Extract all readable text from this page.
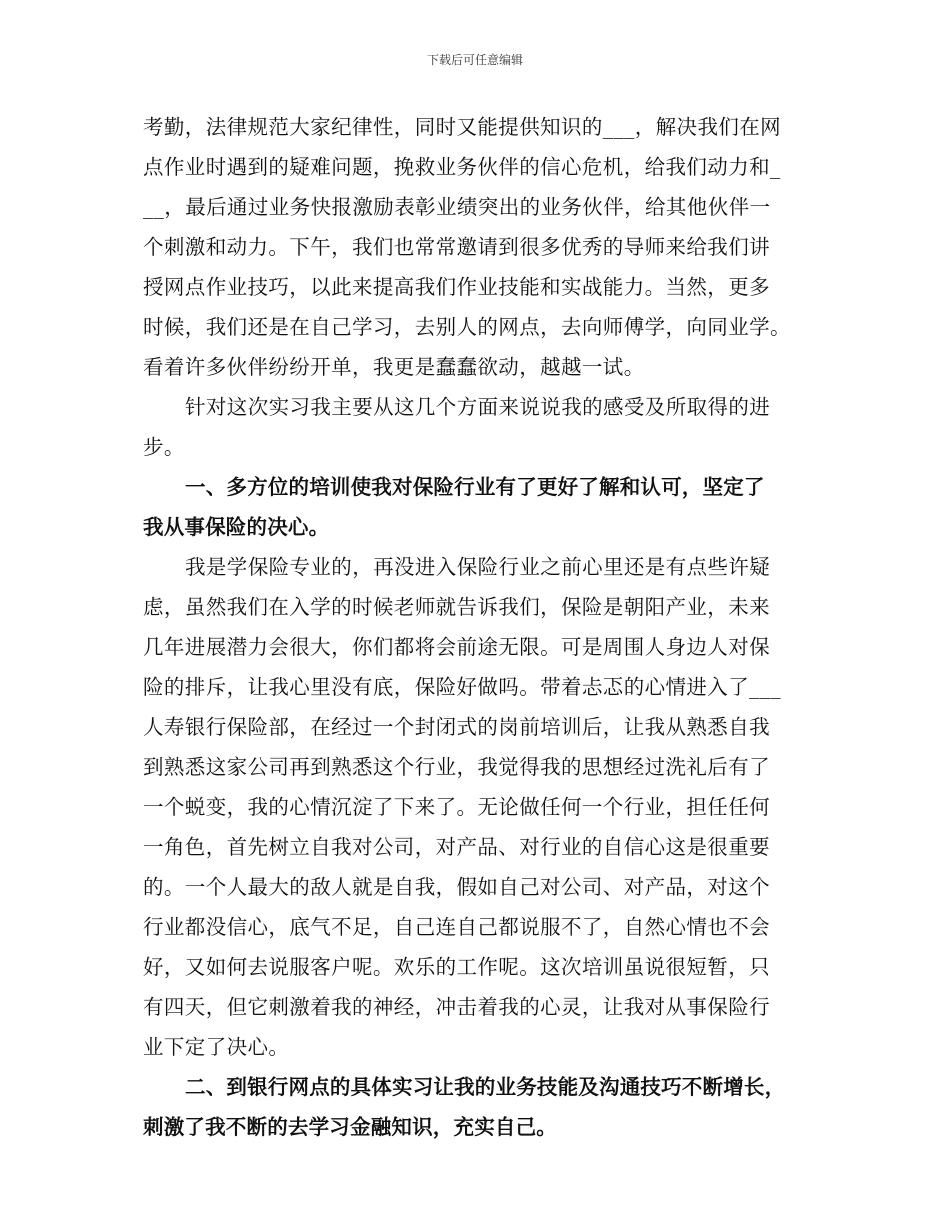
下载后可任意编辑
考勤，法律规范大家纪律性，同时又能提供知识的___，解决我们在网
点作业时遇到的疑难问题，挽救业务伙伴的信心危机，给我们动力和_
__，最后通过业务快报激励表彰业绩突出的业务伙伴，给其他伙伴一
个刺激和动力。下午，我们也常常邀请到很多优秀的导师来给我们讲
授网点作业技巧，以此来提高我们作业技能和实战能力。当然，更多
时候，我们还是在自己学习，去别人的网点，去向师傅学，向同业学。
看着许多伙伴纷纷开单，我更是蠢蠢欲动，越越一试。
针对这次实习我主要从这几个方面来说说我的感受及所取得的进
步。
一、多方位的培训使我对保险行业有了更好了解和认可，坚定了
我从事保险的决心。
我是学保险专业的，再没进入保险行业之前心里还是有点些许疑
虑，虽然我们在入学的时候老师就告诉我们，保险是朝阳产业，未来
几年进展潜力会很大，你们都将会前途无限。可是周围人身边人对保
险的排斥，让我心里没有底，保险好做吗。带着忐忑的心情进入了___
人寿银行保险部，在经过一个封闭式的岗前培训后，让我从熟悉自我
到熟悉这家公司再到熟悉这个行业，我觉得我的思想经过洗礼后有了
一个蜕变，我的心情沉淀了下来了。无论做任何一个行业，担任任何
一角色，首先树立自我对公司，对产品、对行业的自信心这是很重要
的。一个人最大的敌人就是自我，假如自己对公司、对产品，对这个
行业都没信心，底气不足，自己连自己都说服不了，自然心情也不会
好，又如何去说服客户呢。欢乐的工作呢。这次培训虽说很短暂，只
有四天，但它刺激着我的神经，冲击着我的心灵，让我对从事保险行
业下定了决心。
二、到银行网点的具体实习让我的业务技能及沟通技巧不断增长，
刺激了我不断的去学习金融知识，充实自己。
